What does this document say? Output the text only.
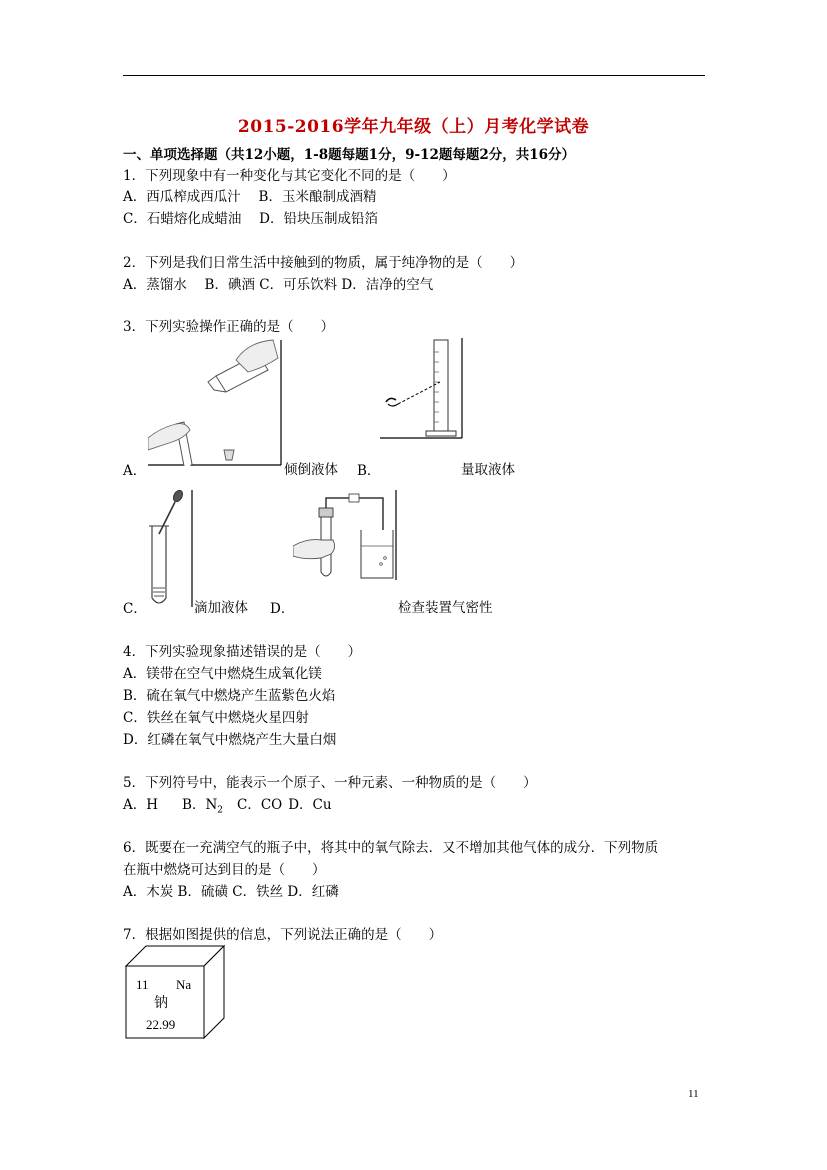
2015-2016学年九年级（上）月考化学试卷
一、单项选择题（共12小题，1-8题每题1分，9-12题每题2分，共16分）
1．下列现象中有一种变化与其它变化不同的是（　　）
A．西瓜榨成西瓜汁　 B．玉米酿制成酒精
C．石蜡熔化成蜡油　 D．铅块压制成铅箔
2．下列是我们日常生活中接触到的物质，属于纯净物的是（　　）
A．蒸馏水　 B．碘酒 C．可乐饮料 D．洁净的空气
3．下列实验操作正确的是（　　）
A．	倾倒液体 B．	量取液体
C．	滴加液体 D．	检查装置气密性
4．下列实验现象描述错误的是（　　）
A．镁带在空气中燃烧生成氧化镁
B．硫在氧气中燃烧产生蓝紫色火焰
C．铁丝在氧气中燃烧火星四射
D．红磷在氧气中燃烧产生大量白烟
5．下列符号中，能表示一个原子、一种元素、一种物质的是（　　）
A．H B．$N_2$ C．CO D．Cu
6．既要在一充满空气的瓶子中，将其中的氧气除去．又不增加其他气体的成分．下列物质
在瓶中燃烧可达到目的是（　　）
A．木炭 B．硫磺 C．铁丝 D．红磷
7．根据如图提供的信息，下列说法正确的是（　　）
11 Na
钠
22.99
11
